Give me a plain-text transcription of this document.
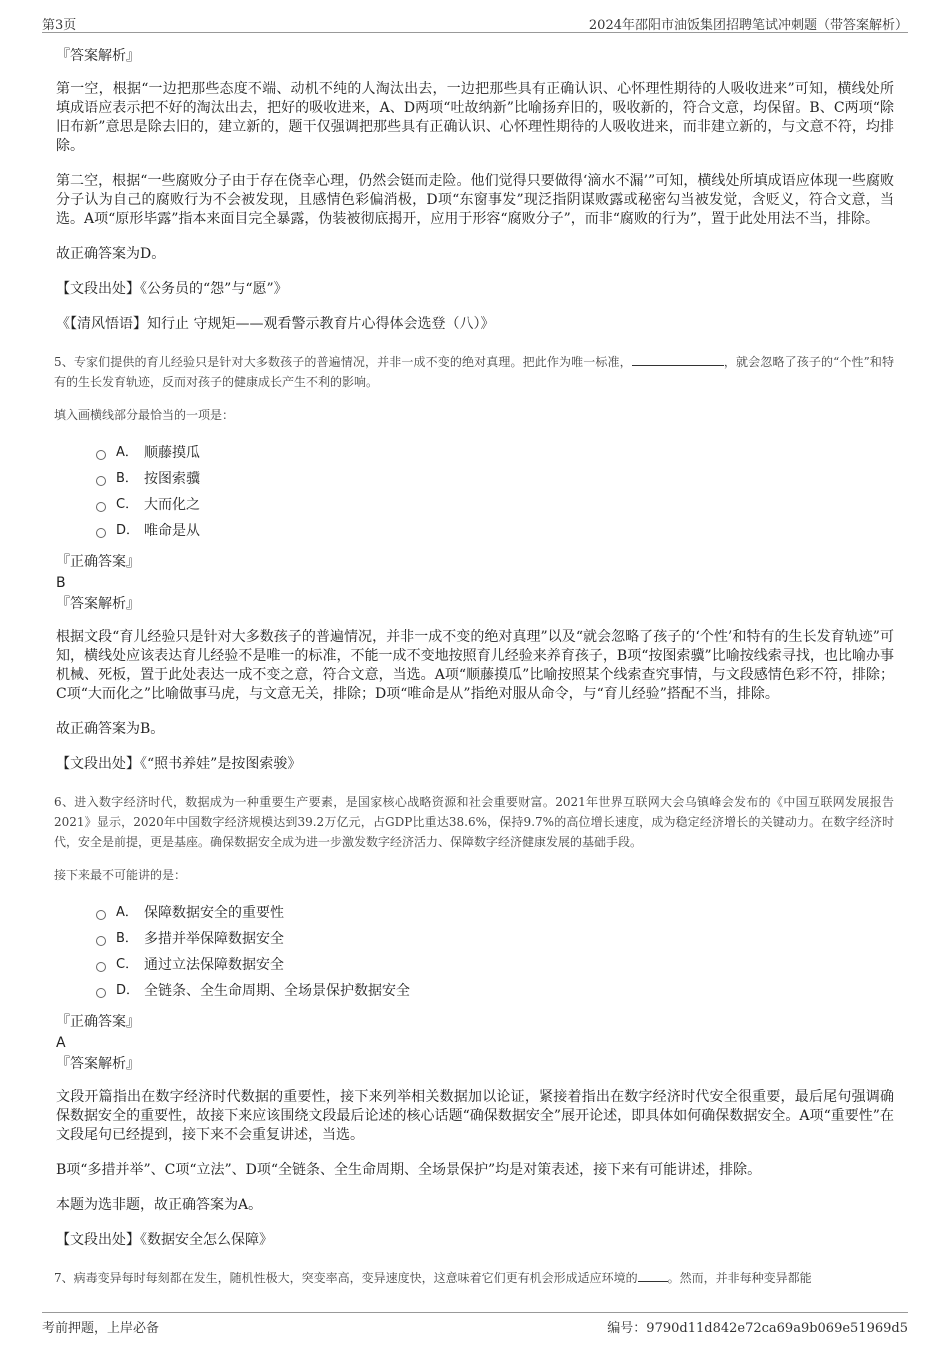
第3页	2024年邵阳市油饭集团招聘笔试冲刺题（带答案解析）
『答案解析』

第一空，根据“一边把那些态度不端、动机不纯的人淘汰出去，一边把那些具有正确认识、心怀理性期待的人吸收进来”可知，横线处所填成语应表示把不好的淘汰出去，把好的吸收进来，A、D两项“吐故纳新”比喻扬弃旧的，吸收新的，符合文意，均保留。B、C两项“除旧布新”意思是除去旧的，建立新的，题干仅强调把那些具有正确认识、心怀理性期待的人吸收进来，而非建立新的，与文意不符，均排除。

第二空，根据“一些腐败分子由于存在侥幸心理，仍然会铤而走险。他们觉得只要做得‘滴水不漏’”可知，横线处所填成语应体现一些腐败分子认为自己的腐败行为不会被发现，且感情色彩偏消极，D项“东窗事发”现泛指阴谋败露或秘密勾当被发觉，含贬义，符合文意，当选。A项“原形毕露”指本来面目完全暴露，伪装被彻底揭开，应用于形容“腐败分子”，而非“腐败的行为”，置于此处用法不当，排除。

故正确答案为D。

【文段出处】《公务员的“怨”与“愿”》

《【清风悟语】知行止 守规矩——观看警示教育片心得体会选登（八）》

5、专家们提供的育儿经验只是针对大多数孩子的普遍情况，并非一成不变的绝对真理。把此作为唯一标准，	，就会忽略了孩子的“个性”和特有的生长发育轨迹，反而对孩子的健康成长产生不利的影响。

填入画横线部分最恰当的一项是：

A． 顺藤摸瓜
B． 按图索骥
C． 大而化之
D． 唯命是从
『正确答案』
B
『答案解析』

根据文段“育儿经验只是针对大多数孩子的普遍情况，并非一成不变的绝对真理”以及“就会忽略了孩子的‘个性’和特有的生长发育轨迹”可知，横线处应该表达育儿经验不是唯一的标准，不能一成不变地按照育儿经验来养育孩子，B项“按图索骥”比喻按线索寻找，也比喻办事机械、死板，置于此处表达一成不变之意，符合文意，当选。A项“顺藤摸瓜”比喻按照某个线索查究事情，与文段感情色彩不符，排除；C项“大而化之”比喻做事马虎，与文意无关，排除；D项“唯命是从”指绝对服从命令，与“育儿经验”搭配不当，排除。

故正确答案为B。

【文段出处】《“照书养娃”是按图索骏》

6、进入数字经济时代，数据成为一种重要生产要素，是国家核心战略资源和社会重要财富。2021年世界互联网大会乌镇峰会发布的《中国互联网发展报告2021》显示，2020年中国数字经济规模达到39.2万亿元，占GDP比重达38.6%，保持9.7%的高位增长速度，成为稳定经济增长的关键动力。在数字经济时代，安全是前提，更是基座。确保数据安全成为进一步激发数字经济活力、保障数字经济健康发展的基础手段。

接下来最不可能讲的是：

A． 保障数据安全的重要性
B． 多措并举保障数据安全
C． 通过立法保障数据安全
D． 全链条、全生命周期、全场景保护数据安全
『正确答案』
A
『答案解析』

文段开篇指出在数字经济时代数据的重要性，接下来列举相关数据加以论证，紧接着指出在数字经济时代安全很重要，最后尾句强调确保数据安全的重要性，故接下来应该围绕文段最后论述的核心话题“确保数据安全”展开论述，即具体如何确保数据安全。A项“重要性”在文段尾句已经提到，接下来不会重复讲述，当选。

B项“多措并举”、C项“立法”、D项“全链条、全生命周期、全场景保护”均是对策表述，接下来有可能讲述，排除。

本题为选非题，故正确答案为A。

【文段出处】《数据安全怎么保障》

7、病毒变异每时每刻都在发生，随机性极大，突变率高，变异速度快，这意味着它们更有机会形成适应环境的	。然而，并非每种变异都能

考前押题，上岸必备	编号：9790d11d842e72ca69a9b069e51969d5
